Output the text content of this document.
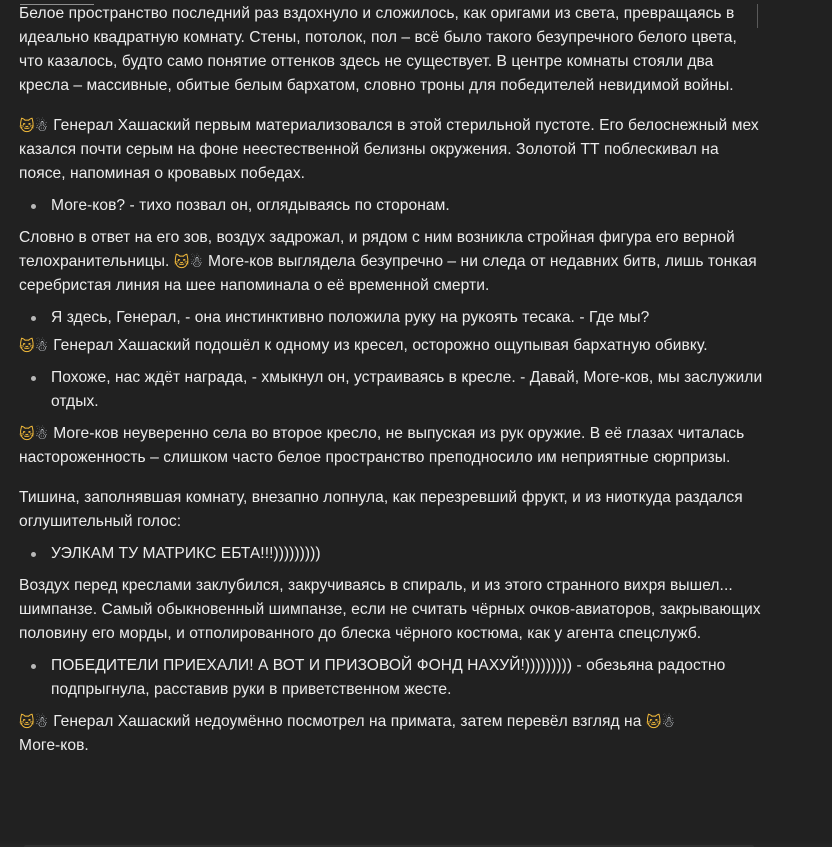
Белое пространство последний раз вздохнуло и сложилось, как оригами из света, превращаясь в идеально квадратную комнату. Стены, потолок, пол – всё было такого безупречного белого цвета, что казалось, будто само понятие оттенков здесь не существует. В центре комнаты стояли два кресла – массивные, обитые белым бархатом, словно троны для победителей невидимой войны.

🐱☃ Генерал Хашаский первым материализовался в этой стерильной пустоте. Его белоснежный мех казался почти серым на фоне неестественной белизны окружения. Золотой ТТ поблескивал на поясе, напоминая о кровавых победах.

Моге-ков? - тихо позвал он, оглядываясь по сторонам.

Словно в ответ на его зов, воздух задрожал, и рядом с ним возникла стройная фигура его верной телохранительницы. 🐱☃ Моге-ков выглядела безупречно – ни следа от недавних битв, лишь тонкая серебристая линия на шее напоминала о её временной смерти.

Я здесь, Генерал, - она инстинктивно положила руку на рукоять тесака. - Где мы?

🐱☃ Генерал Хашаский подошёл к одному из кресел, осторожно ощупывая бархатную обивку.

Похоже, нас ждёт награда, - хмыкнул он, устраиваясь в кресле. - Давай, Моге-ков, мы заслужили отдых.

🐱☃ Моге-ков неуверенно села во второе кресло, не выпуская из рук оружие. В её глазах читалась настороженность – слишком часто белое пространство преподносило им неприятные сюрпризы.

Тишина, заполнявшая комнату, внезапно лопнула, как перезревший фрукт, и из ниоткуда раздался оглушительный голос:

УЭЛКАМ ТУ МАТРИКС ЕБТА!!!)))))))))

Воздух перед креслами заклубился, закручиваясь в спираль, и из этого странного вихря вышел... шимпанзе. Самый обыкновенный шимпанзе, если не считать чёрных очков-авиаторов, закрывающих половину его морды, и отполированного до блеска чёрного костюма, как у агента спецслужб.

ПОБЕДИТЕЛИ ПРИЕХАЛИ! А ВОТ И ПРИЗОВОЙ ФОНД НАХУЙ!))))))))) - обезьяна радостно подпрыгнула, расставив руки в приветственном жесте.

🐱☃ Генерал Хашаский недоумённо посмотрел на примата, затем перевёл взгляд на 🐱☃
Моге-ков.
